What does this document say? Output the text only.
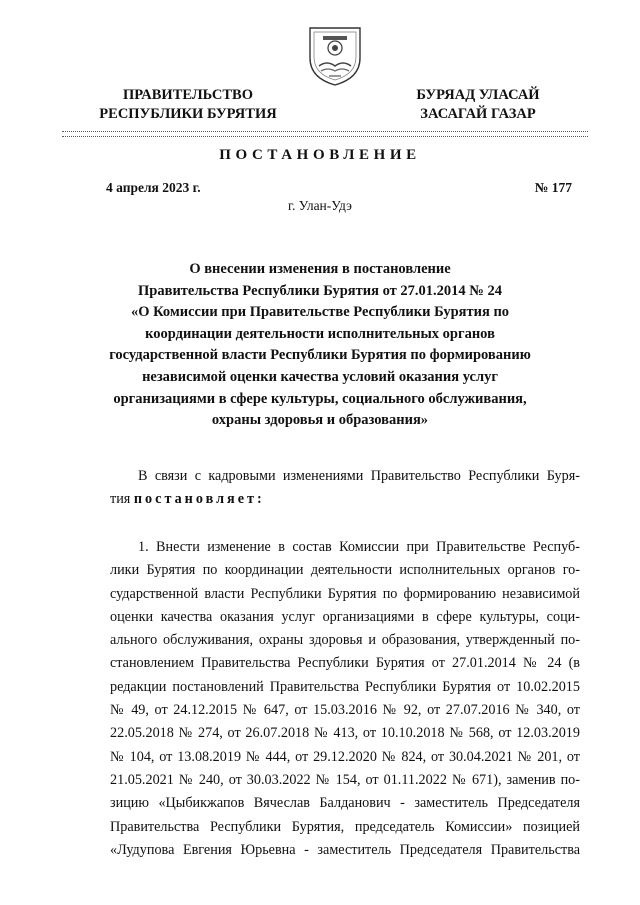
ПРАВИТЕЛЬСТВО
РЕСПУБЛИКИ БУРЯТИЯ
БУРЯАД УЛАСАЙ
ЗАСАГАЙ ГАЗАР
ПОСТАНОВЛЕНИЕ
4 апреля 2023 г.	№ 177
г. Улан-Удэ
О внесении изменения в постановление
Правительства Республики Бурятия от 27.01.2014 № 24
«О Комиссии при Правительстве Республики Бурятия по
координации деятельности исполнительных органов
государственной власти Республики Бурятия по формированию
независимой оценки качества условий оказания услуг
организациями в сфере культуры, социального обслуживания,
охраны здоровья и образования»
В связи с кадровыми изменениями Правительство Республики Буря-
тия постановляет:
1. Внести изменение в состав Комиссии при Правительстве Респуб-
лики Бурятия по координации деятельности исполнительных органов го-
сударственной власти Республики Бурятия по формированию независимой
оценки качества оказания услуг организациями в сфере культуры, соци-
ального обслуживания, охраны здоровья и образования, утвержденный по-
становлением Правительства Республики Бурятия от 27.01.2014 № 24 (в
редакции постановлений Правительства Республики Бурятия от 10.02.2015
№ 49, от 24.12.2015 № 647, от 15.03.2016 № 92, от 27.07.2016 № 340, от
22.05.2018 № 274, от 26.07.2018 № 413, от 10.10.2018 № 568, от 12.03.2019
№ 104, от 13.08.2019 № 444, от 29.12.2020 № 824, от 30.04.2021 № 201, от
21.05.2021 № 240, от 30.03.2022 № 154, от 01.11.2022 № 671), заменив по-
зицию «Цыбикжапов Вячеслав Балданович - заместитель Председателя
Правительства Республики Бурятия, председатель Комиссии» позицией
«Лудупова Евгения Юрьевна - заместитель Председателя Правительства
